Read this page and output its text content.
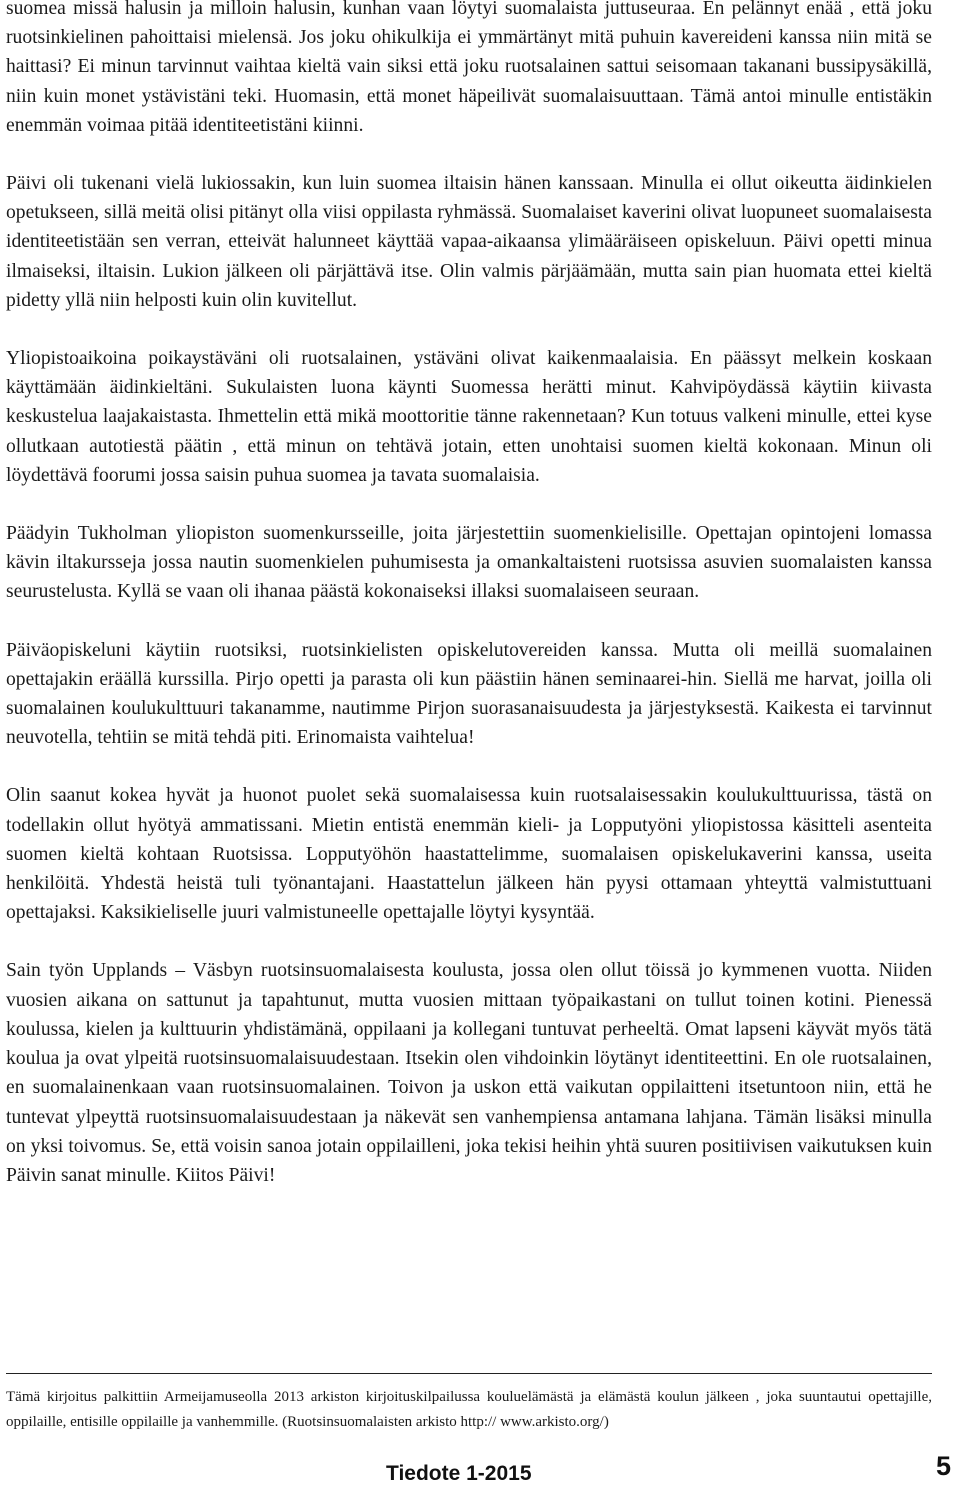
suomea missä halusin ja milloin halusin, kunhan vaan löytyi suomalaista juttuseuraa. En pelännyt enää , että joku ruotsinkielinen pahoittaisi mielensä. Jos joku ohikulkija ei ymmärtänyt mitä puhuin kavereideni kanssa niin mitä se haittasi? Ei minun tarvinnut vaihtaa kieltä vain siksi että joku ruotsalainen sattui seisomaan takanani bussipysäkillä, niin kuin monet ystävistäni teki. Huomasin, että monet häpeilivät suomalaisuuttaan. Tämä antoi minulle entistäkin enemmän voimaa pitää identiteetistäni kiinni.

Päivi oli tukenani vielä lukiossakin, kun luin suomea iltaisin hänen kanssaan. Minulla ei ollut oikeutta äidinkielen opetukseen, sillä meitä olisi pitänyt olla viisi oppilasta ryhmässä. Suomalaiset kaverini olivat luopuneet suomalaisesta identiteetistään sen verran, etteivät halunneet käyttää vapaa-aikaansa ylimääräiseen opiskeluun. Päivi opetti minua ilmaiseksi, iltaisin. Lukion jälkeen oli pärjättävä itse. Olin valmis pärjäämään, mutta sain pian huomata ettei kieltä pidetty yllä niin helposti kuin olin kuvitellut.

Yliopistoaikoina poikaystäväni oli ruotsalainen, ystäväni olivat kaikenmaalaisia. En päässyt melkein koskaan käyttämään äidinkieltäni. Sukulaisten luona käynti Suomessa herätti minut. Kahvipöydässä käytiin kiivasta keskustelua laajakaistasta. Ihmettelin että mikä moottoritie tänne rakennetaan? Kun totuus valkeni minulle, ettei kyse ollutkaan autotiestä päätin , että minun on tehtävä jotain, etten unohtaisi suomen kieltä kokonaan. Minun oli löydettävä foorumi jossa saisin puhua suomea ja tavata suomalaisia.

Päädyin Tukholman yliopiston suomenkursseille, joita järjestettiin suomenkielisille. Opettajan opintojeni lomassa kävin iltakursseja jossa nautin suomenkielen puhumisesta ja omankaltaisteni ruotsissa asuvien suomalaisten kanssa seurustelusta. Kyllä se vaan oli ihanaa päästä kokonaiseksi illaksi suomalaiseen seuraan.

Päiväopiskeluni käytiin ruotsiksi, ruotsinkielisten opiskelutovereiden kanssa. Mutta oli meillä suomalainen opettajakin eräällä kurssilla. Pirjo opetti ja parasta oli kun päästiin hänen seminaarei-hin. Siellä me harvat, joilla oli suomalainen koulukulttuuri takanamme, nautimme Pirjon suorasanaisuudesta ja järjestyksestä. Kaikesta ei tarvinnut neuvotella, tehtiin se mitä tehdä piti. Erinomaista vaihtelua!

Olin saanut kokea hyvät ja huonot puolet sekä suomalaisessa kuin ruotsalaisessakin koulukulttuurissa, tästä on todellakin ollut hyötyä ammatissani. Mietin entistä enemmän kieli- ja Lopputyöni yliopistossa käsitteli asenteita suomen kieltä kohtaan Ruotsissa. Lopputyöhön haastattelimme, suomalaisen opiskelukaverini kanssa, useita henkilöitä. Yhdestä heistä tuli työnantajani. Haastattelun jälkeen hän pyysi ottamaan yhteyttä valmistuttuani opettajaksi. Kaksikieliselle juuri valmistuneelle opettajalle löytyi kysyntää.

Sain työn Upplands – Väsbyn ruotsinsuomalaisesta koulusta, jossa olen ollut töissä jo kymmenen vuotta. Niiden vuosien aikana on sattunut ja tapahtunut, mutta vuosien mittaan työpaikastani on tullut toinen kotini. Pienessä koulussa, kielen ja kulttuurin yhdistämänä, oppilaani ja kollegani tuntuvat perheeltä. Omat lapseni käyvät myös tätä koulua ja ovat ylpeitä ruotsinsuomalaisuudestaan. Itsekin olen vihdoinkin löytänyt identiteettini. En ole ruotsalainen, en suomalainenkaan vaan ruotsinsuomalainen. Toivon ja uskon että vaikutan oppilaitteni itsetuntoon niin, että he tuntevat ylpeyttä ruotsinsuomalaisuudestaan ja näkevät sen vanhempiensa antamana lahjana. Tämän lisäksi minulla on yksi toivomus. Se, että voisin sanoa jotain oppilailleni, joka tekisi heihin yhtä suuren positiivisen vaikutuksen kuin Päivin sanat minulle. Kiitos Päivi!

Tämä kirjoitus palkittiin Armeijamuseolla 2013 arkiston kirjoituskilpailussa kouluelämästä ja elämästä koulun jälkeen , joka suuntautui opettajille, oppilaille, entisille oppilaille ja vanhemmille. (Ruotsinsuomalaisten arkisto http:// www.arkisto.org/)

Tiedote 1-2015	5
